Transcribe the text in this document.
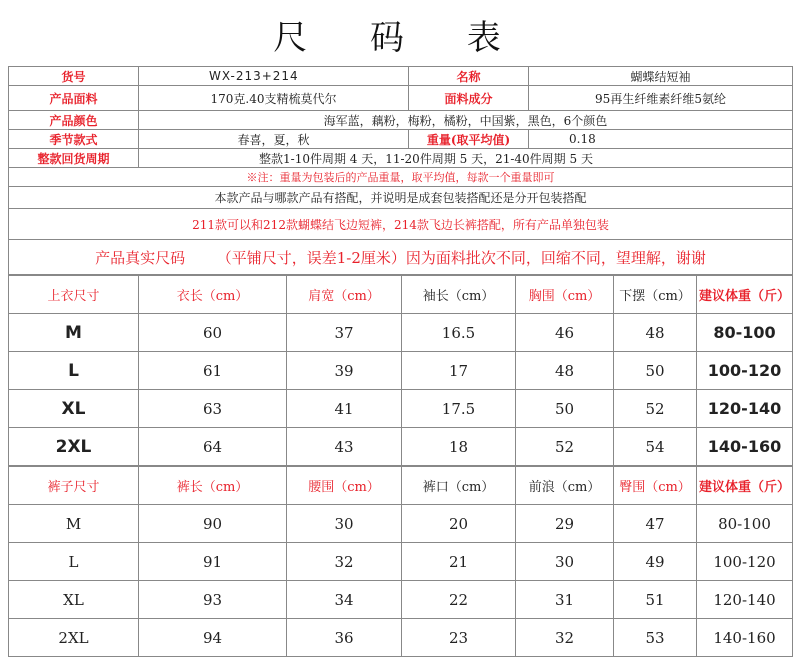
尺 码 表
货号	WX-213+214	名称	蝴蝶结短袖
产品面料	170克.40支精梳莫代尔	面料成分	95再生纤维素纤维5氨纶
产品颜色	海军蓝，藕粉，梅粉，橘粉，中国紫，黑色，6个颜色		
季节款式	春喜，夏，秋	重量(取平均值)	0.18
整款回货周期	整款1-10件周期 4 天，11-20件周期 5 天，21-40件周期 5 天		
※注：重量为包装后的产品重量，取平均值，每款一个重量即可			
本款产品与哪款产品有搭配，并说明是成套包装搭配还是分开包装搭配			
211款可以和212款蝴蝶结飞边短裤，214款飞边长裤搭配，所有产品单独包装			
产品真实尺码 （平铺尺寸，误差1-2厘米）因为面料批次不同，回缩不同，望理解，谢谢			
上衣尺寸	衣长（cm）	肩宽（cm）	袖长（cm）	胸围（cm）	下摆（cm）	建议体重（斤）
M	60	37	16.5	46	48	80-100
L	61	39	17	48	50	100-120
XL	63	41	17.5	50	52	120-140
2XL	64	43	18	52	54	140-160
裤子尺寸	裤长（cm）	腰围（cm）	裤口（cm）	前浪（cm）	臀围（cm）	建议体重（斤）
M	90	30	20	29	47	80-100
L	91	32	21	30	49	100-120
XL	93	34	22	31	51	120-140
2XL	94	36	23	32	53	140-160
